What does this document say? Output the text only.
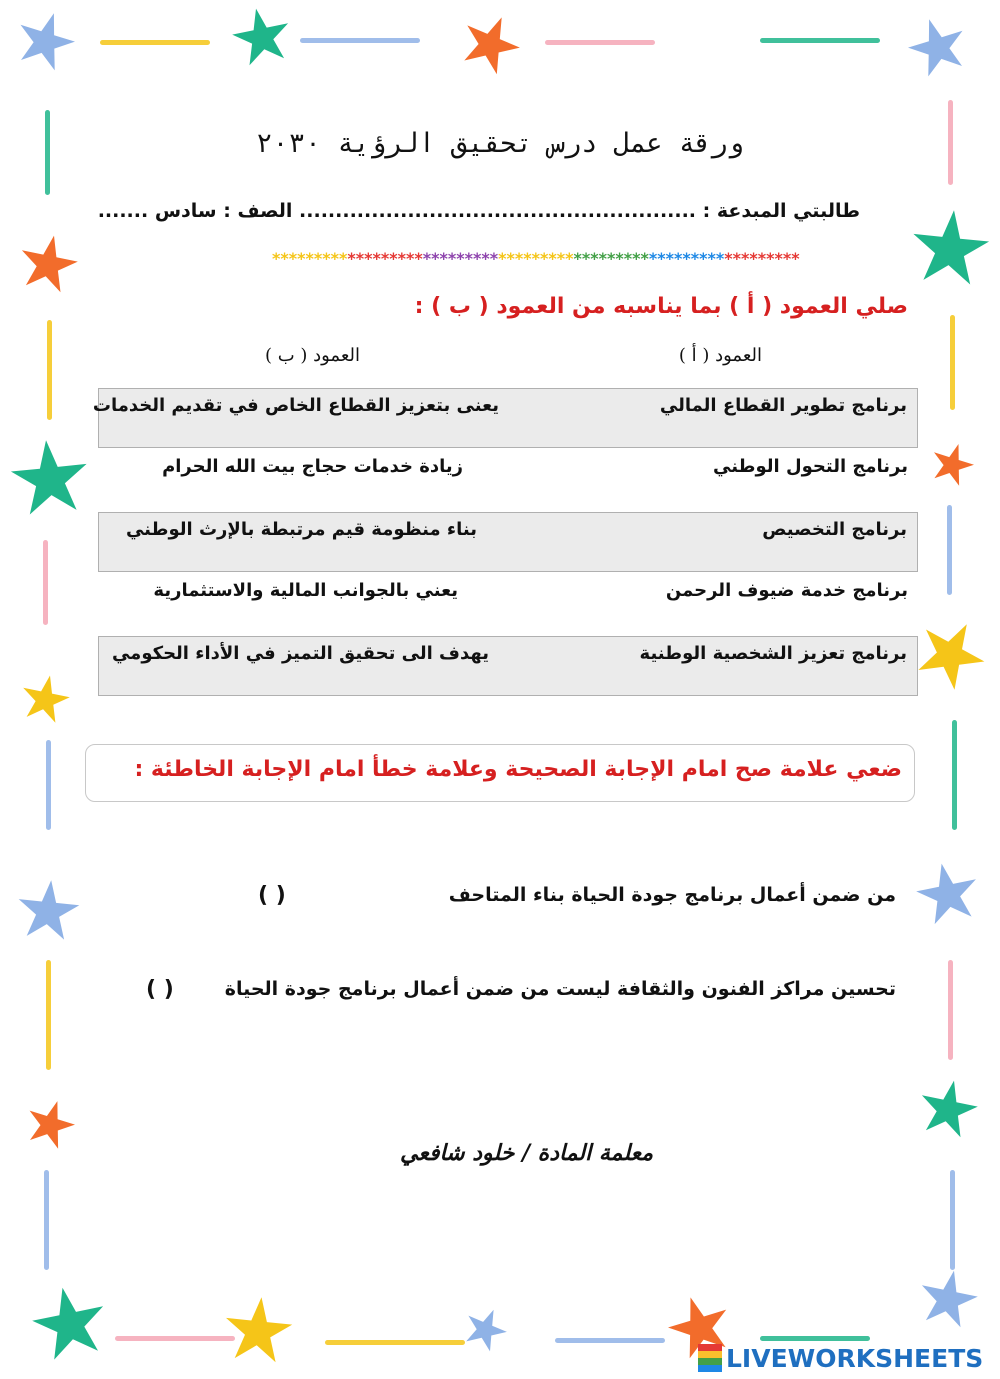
ورقة عمل درس تحقيق الرؤية ٢٠٣٠
طالبتي المبدعة : ....................................................... الصف : سادس .......
***************************************************************
صلي العمود ( أ ) بما يناسبه من العمود ( ب ) :
العمود ( أ )
العمود ( ب )
برنامج تطوير القطاع المالي
يعنى بتعزيز القطاع الخاص في تقديم الخدمات
برنامج التحول الوطني
زيادة خدمات حجاج بيت الله الحرام
برنامج التخصيص
بناء منظومة قيم مرتبطة بالإرث الوطني
برنامج خدمة ضيوف الرحمن
يعني بالجوانب المالية والاستثمارية
برنامج تعزيز الشخصية الوطنية
يهدف الى تحقيق التميز في الأداء الحكومي
ضعي علامة صح امام الإجابة الصحيحة وعلامة خطأ امام الإجابة الخاطئة :
من ضمن أعمال برنامج جودة الحياة بناء المتاحف
( )
تحسين مراكز الفنون والثقافة ليست من ضمن أعمال برنامج جودة الحياة
( )
معلمة المادة / خلود شافعي
LIVEWORKSHEETS
